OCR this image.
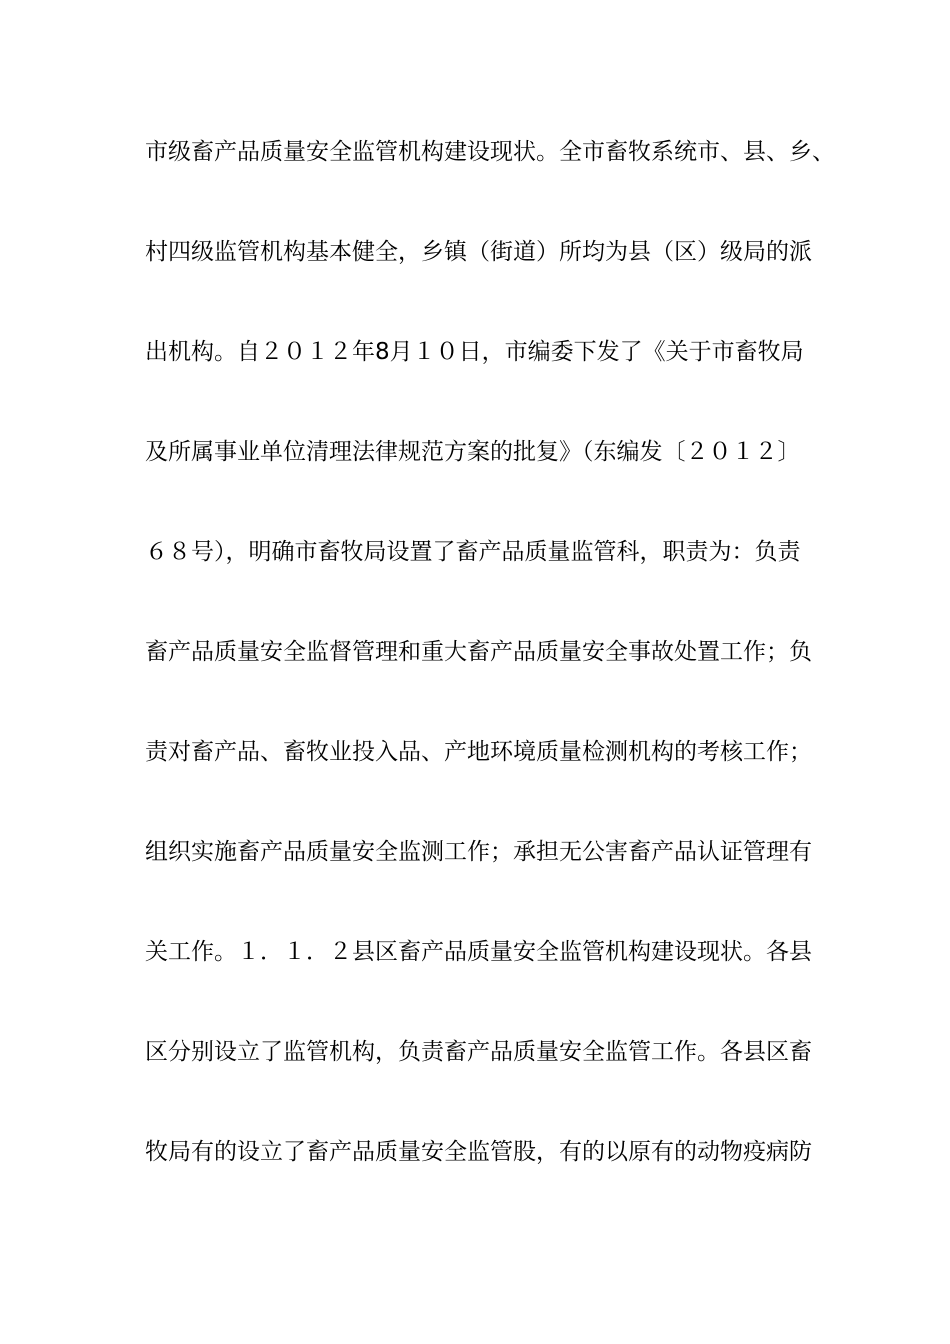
市级畜产品质量安全监管机构建设现状。全市畜牧系统市、县、乡、
村四级监管机构基本健全，乡镇（街道）所均为县（区）级局的派
出机构。自２０１２年8月１０日，市编委下发了《关于市畜牧局
及所属事业单位清理法律规范方案的批复》（东编发〔２０１２〕
６８号），明确市畜牧局设置了畜产品质量监管科，职责为：负责
畜产品质量安全监督管理和重大畜产品质量安全事故处置工作；负
责对畜产品、畜牧业投入品、产地环境质量检测机构的考核工作；
组织实施畜产品质量安全监测工作；承担无公害畜产品认证管理有
关工作。１．１．２县区畜产品质量安全监管机构建设现状。各县
区分别设立了监管机构，负责畜产品质量安全监管工作。各县区畜
牧局有的设立了畜产品质量安全监管股，有的以原有的动物疫病防
